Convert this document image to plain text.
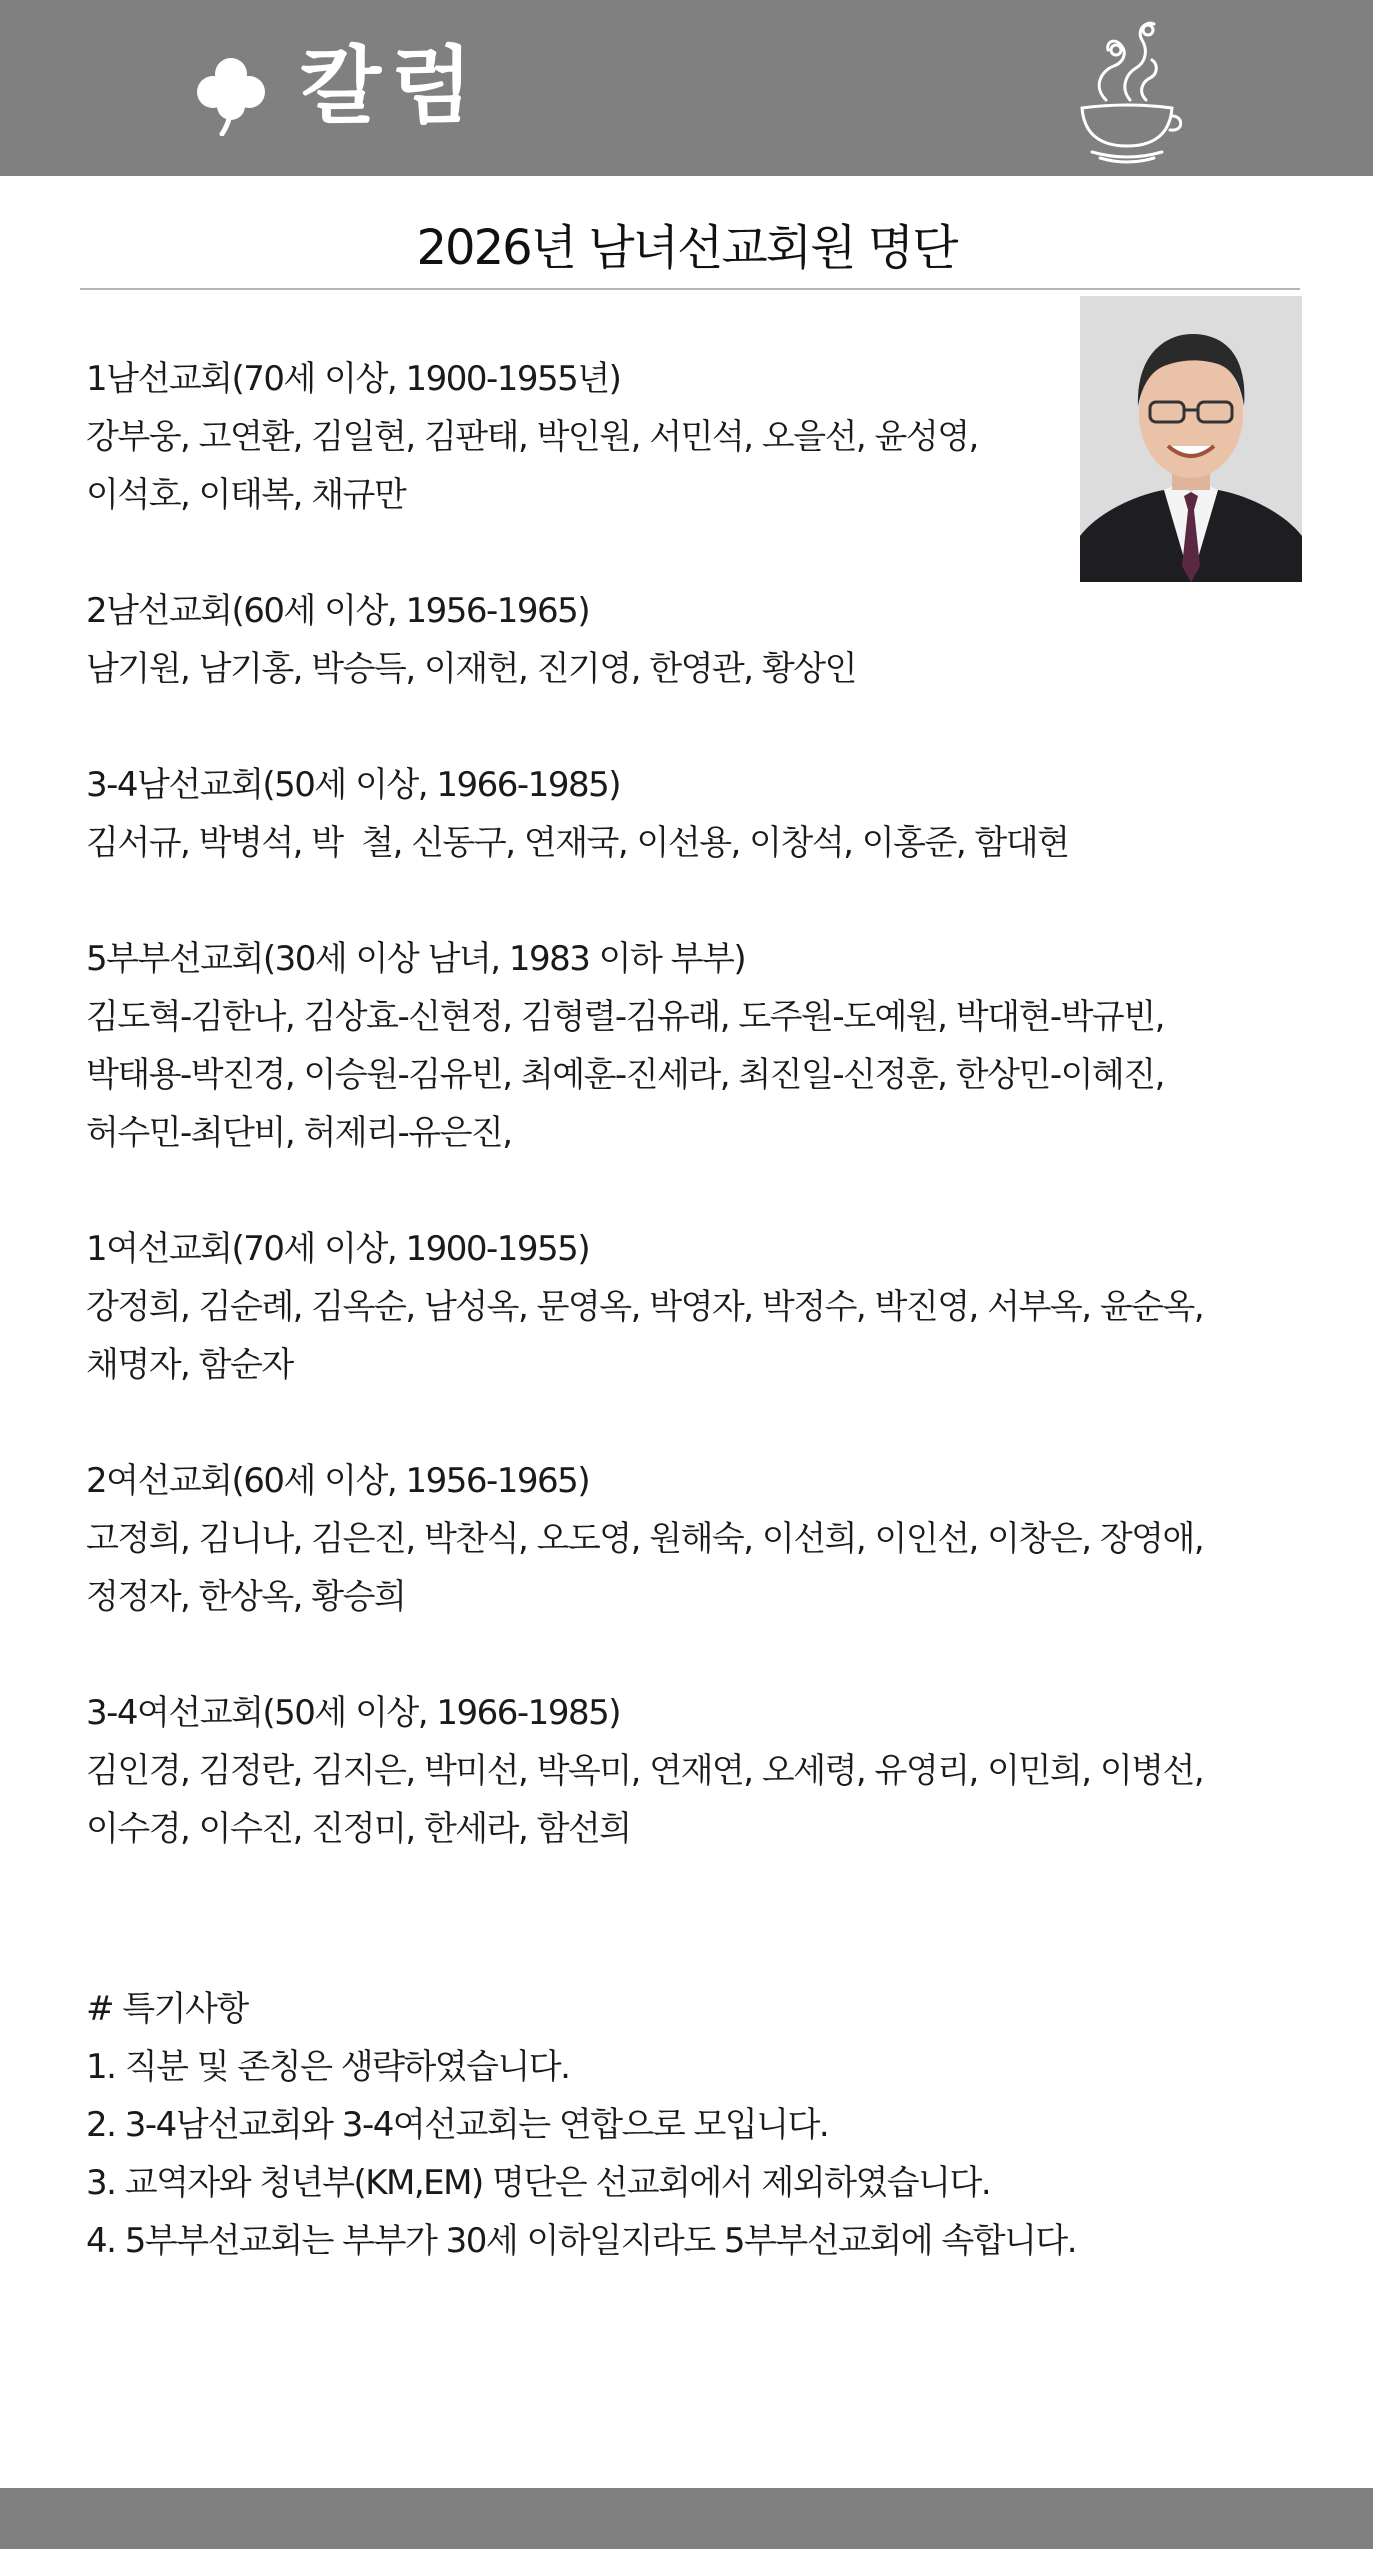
칼럼
2026년 남녀선교회원 명단
1남선교회(70세 이상, 1900-1955년)
강부웅, 고연환, 김일현, 김판태, 박인원, 서민석, 오을선, 윤성영,
이석호, 이태복, 채규만
2남선교회(60세 이상, 1956-1965)
남기원, 남기홍, 박승득, 이재헌, 진기영, 한영관, 황상인
3-4남선교회(50세 이상, 1966-1985)
김서규, 박병석, 박  철, 신동구, 연재국, 이선용, 이창석, 이홍준, 함대현
5부부선교회(30세 이상 남녀, 1983 이하 부부)
김도혁-김한나, 김상효-신현정, 김형렬-김유래, 도주원-도예원, 박대현-박규빈,
박태용-박진경, 이승원-김유빈, 최예훈-진세라, 최진일-신정훈, 한상민-이혜진,
허수민-최단비, 허제리-유은진,
1여선교회(70세 이상, 1900-1955)
강정희, 김순례, 김옥순, 남성옥, 문영옥, 박영자, 박정수, 박진영, 서부옥, 윤순옥,
채명자, 함순자
2여선교회(60세 이상, 1956-1965)
고정희, 김니나, 김은진, 박찬식, 오도영, 원해숙, 이선희, 이인선, 이창은, 장영애,
정정자, 한상옥, 황승희
3-4여선교회(50세 이상, 1966-1985)
김인경, 김정란, 김지은, 박미선, 박옥미, 연재연, 오세령, 유영리, 이민희, 이병선,
이수경, 이수진, 진정미, 한세라, 함선희
# 특기사항
1. 직분 및 존칭은 생략하였습니다.
2. 3-4남선교회와 3-4여선교회는 연합으로 모입니다.
3. 교역자와 청년부(KM,EM) 명단은 선교회에서 제외하였습니다.
4. 5부부선교회는 부부가 30세 이하일지라도 5부부선교회에 속합니다.
